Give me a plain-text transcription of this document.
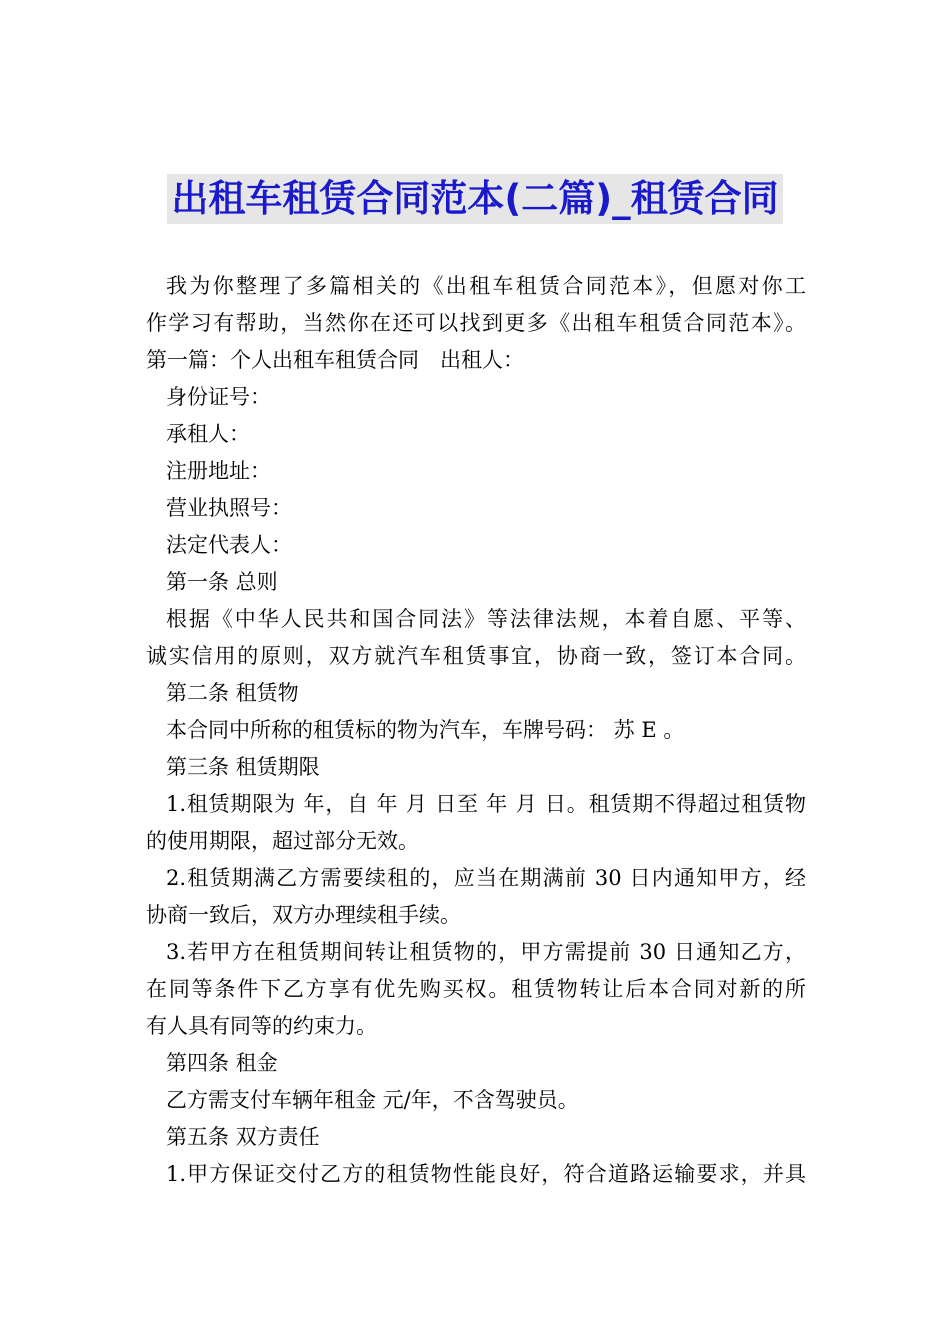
出租车租赁合同范本(二篇)_租赁合同

我为你整理了多篇相关的《出租车租赁合同范本》，但愿对你工

作学习有帮助，当然你在还可以找到更多《出租车租赁合同范本》。

第一篇：个人出租车租赁合同　出租人：

身份证号：

承租人：

注册地址：

营业执照号：

法定代表人：

第一条 总则

根据《中华人民共和国合同法》等法律法规，本着自愿、平等、

诚实信用的原则，双方就汽车租赁事宜，协商一致，签订本合同。

第二条 租赁物

本合同中所称的租赁标的物为汽车，车牌号码： 苏 E 。

第三条 租赁期限

1.租赁期限为 年，自 年 月 日至 年 月 日。租赁期不得超过租赁物

的使用期限，超过部分无效。

2.租赁期满乙方需要续租的，应当在期满前 30 日内通知甲方，经

协商一致后，双方办理续租手续。

3.若甲方在租赁期间转让租赁物的，甲方需提前 30 日通知乙方，

在同等条件下乙方享有优先购买权。租赁物转让后本合同对新的所

有人具有同等的约束力。

第四条 租金

乙方需支付车辆年租金 元/年，不含驾驶员。

第五条 双方责任

1.甲方保证交付乙方的租赁物性能良好，符合道路运输要求，并具
